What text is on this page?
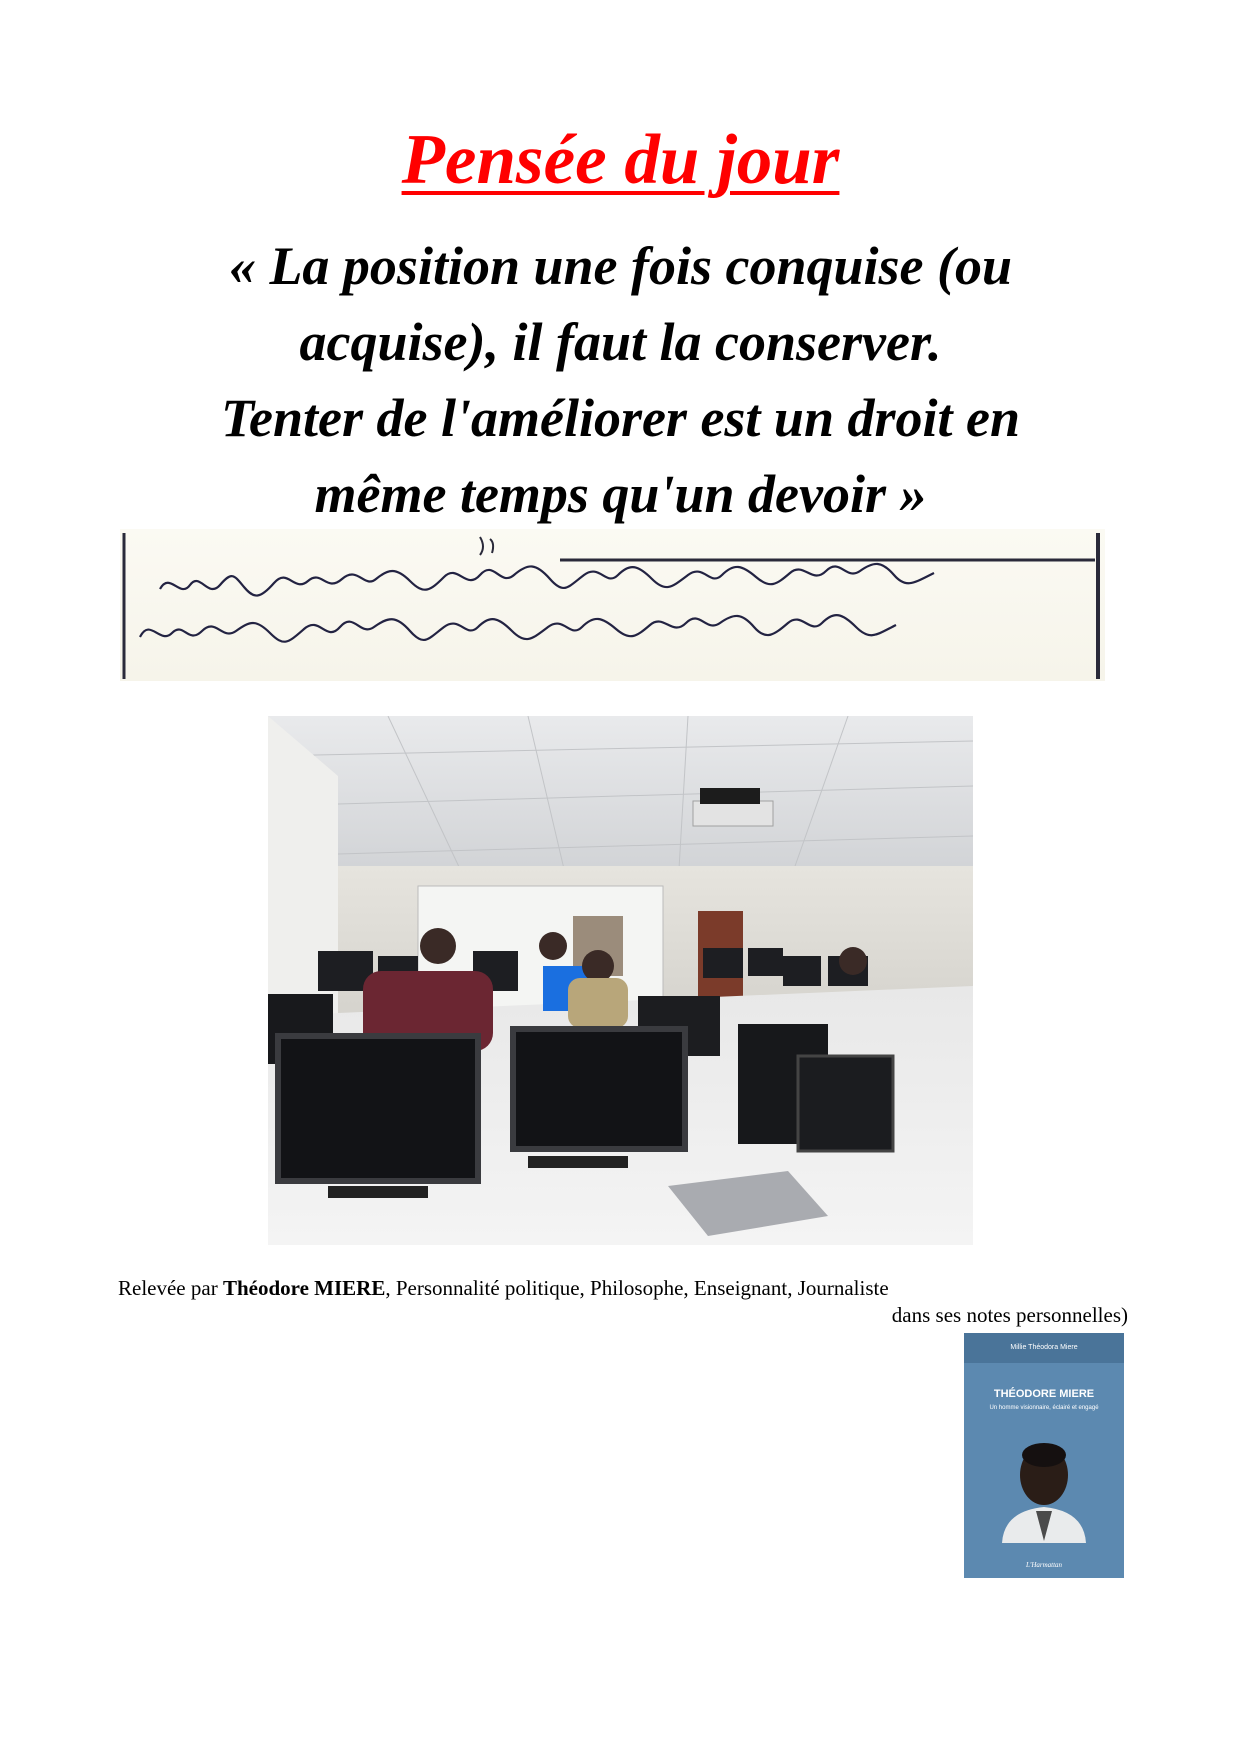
Pensée du jour

« La position une fois conquise (ou
acquise), il faut la conserver.
Tenter de l'améliorer est un droit en
même temps qu'un devoir »

Relevée par Théodore MIERE, Personnalité politique, Philosophe, Enseignant, Journaliste
dans ses notes personnelles)

Millie Théodora Miere
THÉODORE MIERE
Un homme visionnaire, éclairé et engagé
L'Harmattan
